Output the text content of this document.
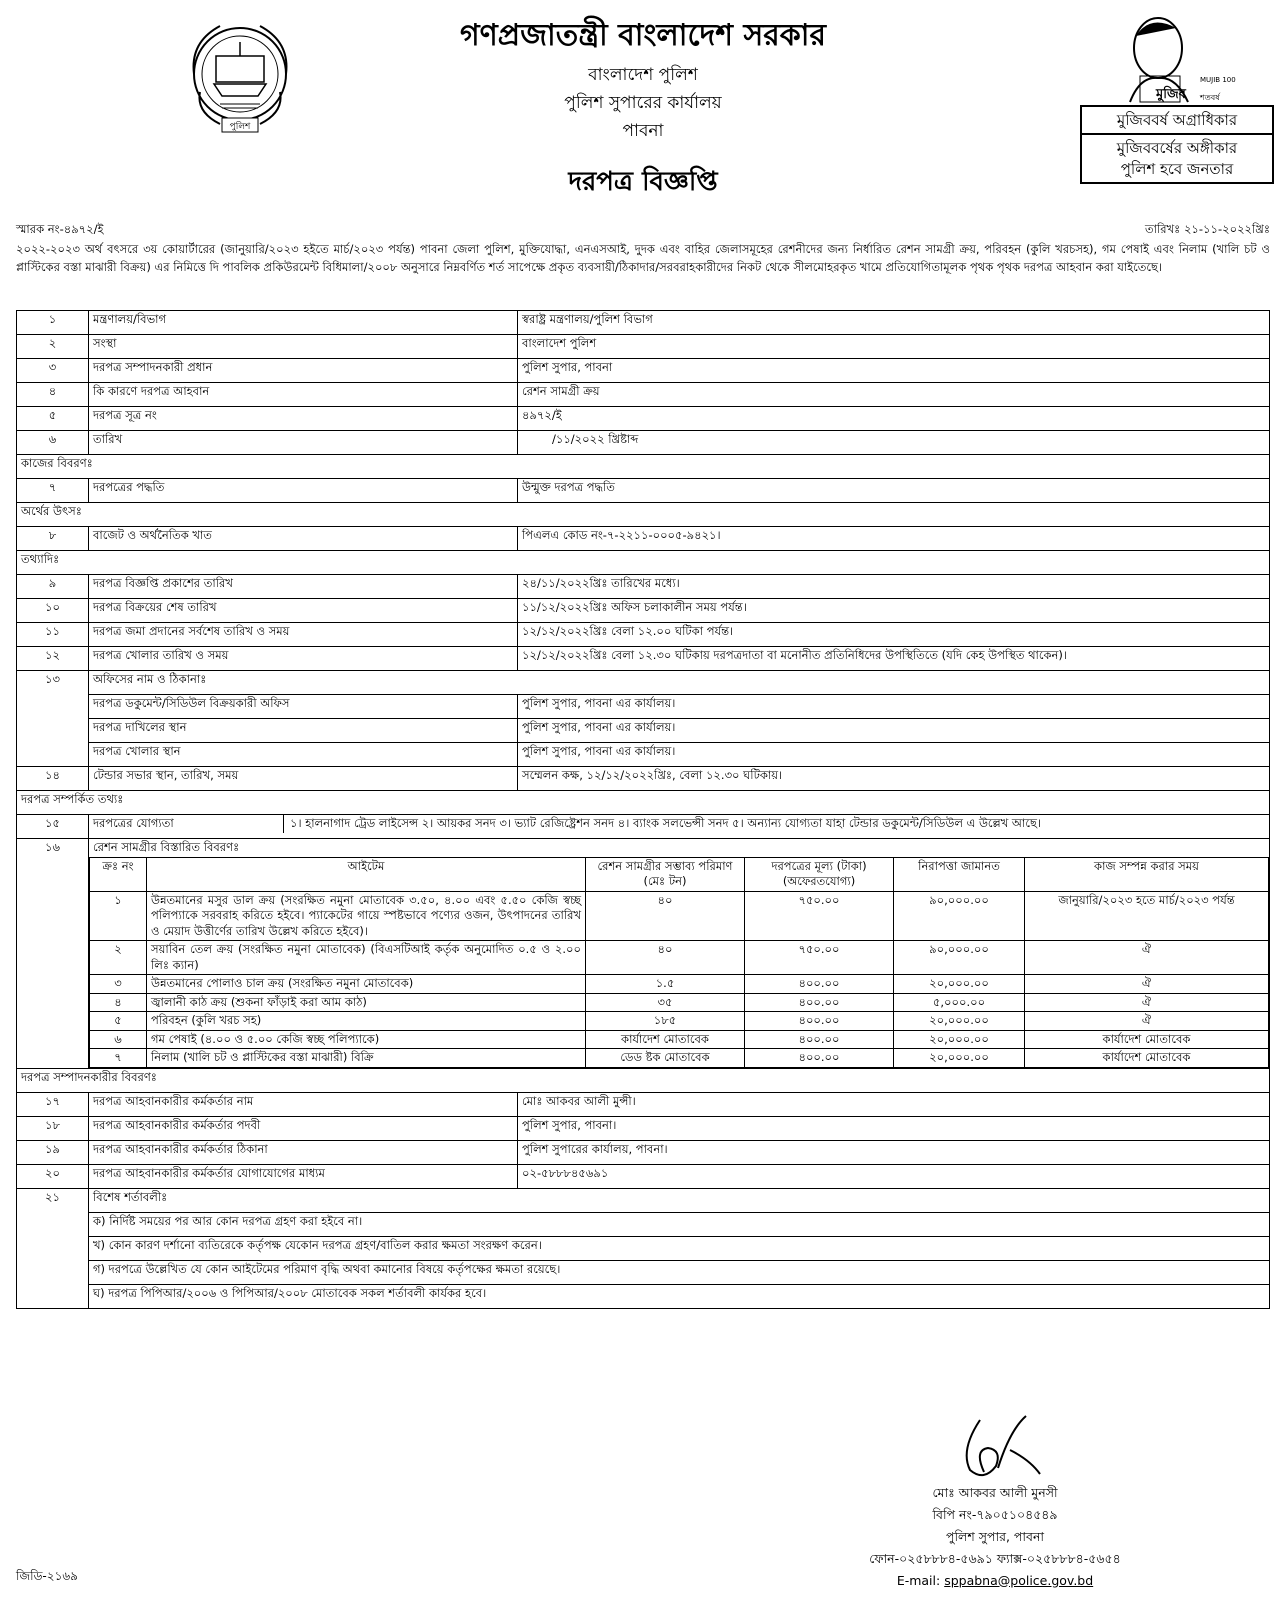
পুলিশ
গণপ্রজাতন্ত্রী বাংলাদেশ সরকার
বাংলাদেশ পুলিশ
পুলিশ সুপারের কার্যালয়
পাবনা
দরপত্র বিজ্ঞপ্তি
মুজিব
MUJIB 100
শতবর্ষ
মুজিববর্ষ অগ্রাধিকার
মুজিববর্ষের অঙ্গীকার
পুলিশ হবে জনতার
স্মারক নং-৪৯৭২/ই	তারিখঃ ২১-১১-২০২২খ্রিঃ
২০২২-২০২৩ অর্থ বৎসরে ৩য় কোয়ার্টারের (জানুয়ারি/২০২৩ হইতে মার্চ/২০২৩ পর্যন্ত) পাবনা জেলা পুলিশ, মুক্তিযোদ্ধা, এনএসআই, দুদক এবং বাহির জেলাসমূহের রেশনীদের জন্য নির্ধারিত রেশন সামগ্রী ক্রয়, পরিবহন (কুলি খরচসহ), গম পেষাই এবং নিলাম (খালি চট ও প্লাস্টিকের বস্তা মাঝারী বিক্রয়) এর নিমিত্তে দি পাবলিক প্রকিউরমেন্ট বিধিমালা/২০০৮ অনুসারে নিম্নবর্ণিত শর্ত সাপেক্ষে প্রকৃত ব্যবসায়ী/ঠিকাদার/সরবরাহকারীদের নিকট থেকে সীলমোহরকৃত খামে প্রতিযোগিতামূলক পৃথক পৃথক দরপত্র আহবান করা যাইতেছে।
১	মন্ত্রণালয়/বিভাগ	স্বরাষ্ট্র মন্ত্রণালয়/পুলিশ বিভাগ
২	সংস্থা	বাংলাদেশ পুলিশ
৩	দরপত্র সম্পাদনকারী প্রধান	পুলিশ সুপার, পাবনা
৪	কি কারণে দরপত্র আহবান	রেশন সামগ্রী ক্রয়
৫	দরপত্র সূত্র নং	৪৯৭২/ই
৬	তারিখ	/১১/২০২২ খ্রিষ্টাব্দ
কাজের বিবরণঃ
৭	দরপত্রের পদ্ধতি	উন্মুক্ত দরপত্র পদ্ধতি
অর্থের উৎসঃ
৮	বাজেট ও অর্থনৈতিক খাত	পিএলএ কোড নং-৭-২২১১-০০০৫-৯৪২১।
তথ্যাদিঃ
৯	দরপত্র বিজ্ঞপ্তি প্রকাশের তারিখ	২৪/১১/২০২২খ্রিঃ তারিখের মধ্যে।
১০	দরপত্র বিক্রয়ের শেষ তারিখ	১১/১২/২০২২খ্রিঃ অফিস চলাকালীন সময় পর্যন্ত।
১১	দরপত্র জমা প্রদানের সর্বশেষ তারিখ ও সময়	১২/১২/২০২২খ্রিঃ বেলা ১২.০০ ঘটিকা পর্যন্ত।
১২	দরপত্র খোলার তারিখ ও সময়	১২/১২/২০২২খ্রিঃ বেলা ১২.৩০ ঘটিকায় দরপত্রদাতা বা মনোনীত প্রতিনিধিদের উপস্থিতিতে (যদি কেহ উপস্থিত থাকেন)।
১৩	অফিসের নাম ও ঠিকানাঃ
দরপত্র ডকুমেন্ট/সিডিউল বিক্রয়কারী অফিস	পুলিশ সুপার, পাবনা এর কার্যালয়।
দরপত্র দাখিলের স্থান	পুলিশ সুপার, পাবনা এর কার্যালয়।
দরপত্র খোলার স্থান	পুলিশ সুপার, পাবনা এর কার্যালয়।
১৪	টেন্ডার সভার স্থান, তারিখ, সময়	সম্মেলন কক্ষ, ১২/১২/২০২২খ্রিঃ, বেলা ১২.৩০ ঘটিকায়।
দরপত্র সম্পর্কিত তথ্যঃ
১৫	দরপত্রের যোগ্যতা	১। হালনাগাদ ট্রেড লাইসেন্স ২। আয়কর সনদ ৩। ভ্যাট রেজিষ্ট্রেশন সনদ ৪। ব্যাংক সলভেন্সী সনদ ৫। অন্যান্য যোগ্যতা যাহা টেন্ডার ডকুমেন্ট/সিডিউল এ উল্লেখ আছে।

১৬	রেশন সামগ্রীর বিস্তারিত বিবরণঃ
ক্রঃ নং	আইটেম	রেশন সামগ্রীর সম্ভাব্য পরিমাণ (মেঃ টন)	দরপত্রের মূল্য (টাকা) (অফেরতযোগ্য)	নিরাপত্তা জামানত	কাজ সম্পন্ন করার সময়
১	উন্নতমানের মসুর ডাল ক্রয় (সংরক্ষিত নমুনা মোতাবেক ৩.৫০, ৪.০০ এবং ৫.৫০ কেজি স্বচ্ছ পলিপ্যাকে সরবরাহ করিতে হইবে। প্যাকেটের গায়ে স্পষ্টভাবে পণ্যের ওজন, উৎপাদনের তারিখ ও মেয়াদ উত্তীর্ণের তারিখ উল্লেখ করিতে হইবে)।	৪০	৭৫০.০০	৯০,০০০.০০	জানুয়ারি/২০২৩ হতে মার্চ/২০২৩ পর্যন্ত
২	সয়াবিন তেল ক্রয় (সংরক্ষিত নমুনা মোতাবেক) (বিএসটিআই কর্তৃক অনুমোদিত ০.৫ ও ২.০০ লিঃ ক্যান)	৪০	৭৫০.০০	৯০,০০০.০০	ঐ
৩	উন্নতমানের পোলাও চাল ক্রয় (সংরক্ষিত নমুনা মোতাবেক)	১.৫	৪০০.০০	২০,০০০.০০	ঐ
৪	জ্বালানী কাঠ ক্রয় (শুকনা ফাঁড়াই করা আম কাঠ)	৩৫	৪০০.০০	৫,০০০.০০	ঐ
৫	পরিবহন (কুলি খরচ সহ)	১৮৫	৪০০.০০	২০,০০০.০০	ঐ
৬	গম পেষাই (৪.০০ ও ৫.০০ কেজি স্বচ্ছ পলিপ্যাকে)	কার্যাদেশ মোতাবেক	৪০০.০০	২০,০০০.০০	কার্যাদেশ মোতাবেক
৭	নিলাম (খালি চট ও প্লাস্টিকের বস্তা মাঝারী) বিক্রি	ডেড ষ্টক মোতাবেক	৪০০.০০	২০,০০০.০০	কার্যাদেশ মোতাবেক

দরপত্র সম্পাদনকারীর বিবরণঃ
১৭	দরপত্র আহবানকারীর কর্মকর্তার নাম	মোঃ আকবর আলী মুন্সী।
১৮	দরপত্র আহবানকারীর কর্মকর্তার পদবী	পুলিশ সুপার, পাবনা।
১৯	দরপত্র আহবানকারীর কর্মকর্তার ঠিকানা	পুলিশ সুপারের কার্যালয়, পাবনা।
২০	দরপত্র আহবানকারীর কর্মকর্তার যোগাযোগের মাধ্যম	০২-৫৮৮৮৪৫৬৯১
২১	বিশেষ শর্তাবলীঃ
ক) নির্দিষ্ট সময়ের পর আর কোন দরপত্র গ্রহণ করা হইবে না।
খ) কোন কারণ দর্শানো ব্যতিরেকে কর্তৃপক্ষ যেকোন দরপত্র গ্রহণ/বাতিল করার ক্ষমতা সংরক্ষণ করেন।
গ) দরপত্রে উল্লেখিত যে কোন আইটেমের পরিমাণ বৃদ্ধি অথবা কমানোর বিষয়ে কর্তৃপক্ষের ক্ষমতা রয়েছে।
ঘ) দরপত্র পিপিআর/২০০৬ ও পিপিআর/২০০৮ মোতাবেক সকল শর্তাবলী কার্যকর হবে।
মোঃ আকবর আলী মুনসী
বিপি নং-৭৯০৫১০৪৫৪৯
পুলিশ সুপার, পাবনা
ফোন-০২৫৮৮৮৪-৫৬৯১ ফ্যাক্স-০২৫৮৮৮৪-৫৬৫৪
E-mail: sppabna@police.gov.bd
জিডি-২১৬৯
